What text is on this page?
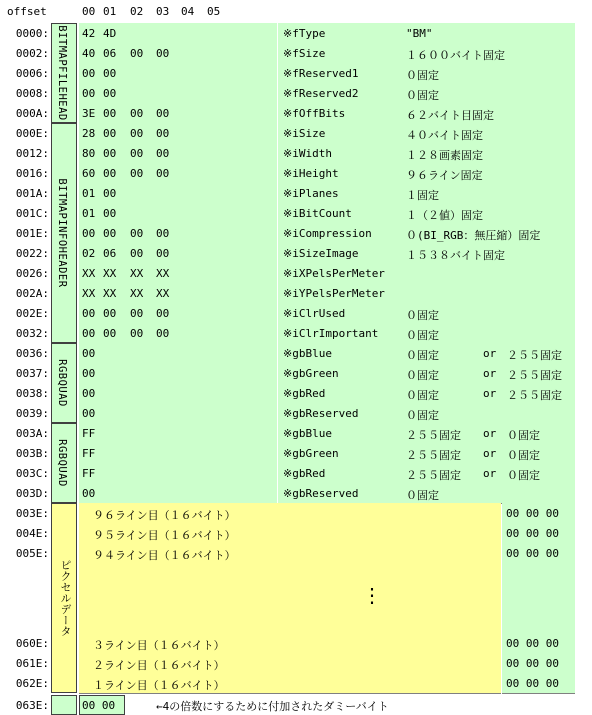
offset	00 01 02 03 04 05
BITMAPFILEHEAD
0000:	42 4D	※fType	"BM"
0002:	40 06 00 00	※fSize	１６００バイト固定
0006:	00 00	※fReserved1	０固定
0008:	00 00	※fReserved2	０固定
000A:	3E 00 00 00	※fOffBits	６２バイト目固定
BITMAPINFOHEADER
000E:	28 00 00 00	※iSize	４０バイト固定
0012:	80 00 00 00	※iWidth	１２８画素固定
0016:	60 00 00 00	※iHeight	９６ライン固定
001A:	01 00	※iPlanes	１固定
001C:	01 00	※iBitCount	１（２値）固定
001E:	00 00 00 00	※iCompression	０(BI_RGB：無圧縮）固定
0022:	02 06 00 00	※iSizeImage	１５３８バイト固定
0026:	XX XX XX XX	※iXPelsPerMeter
002A:	XX XX XX XX	※iYPelsPerMeter
002E:	00 00 00 00	※iClrUsed	０固定
0032:	00 00 00 00	※iClrImportant	０固定
RGBQUAD
0036:	00	※gbBlue	０固定	or ２５５固定
0037:	00	※gbGreen	０固定	or ２５５固定
0038:	00	※gbRed	０固定	or ２５５固定
0039:	00	※gbReserved	０固定
RGBQUAD
003A:	FF	※gbBlue	２５５固定 or ０固定
003B:	FF	※gbGreen	２５５固定 or ０固定
003C:	FF	※gbRed	２５５固定 or ０固定
003D:	00	※gbReserved	０固定
003E:	９６ライン目（１６バイト）	00 00 00
004E:	９５ライン目（１６バイト）	00 00 00
005E:	９４ライン目（１６バイト）	00 00 00
⋮
060E:	３ライン目（１６バイト）	00 00 00
061E:	２ライン目（１６バイト）	00 00 00
062E:	１ライン目（１６バイト）	00 00 00
ピクセルデータ
063E:	00 00	←4の倍数にするために付加されたダミーバイト
